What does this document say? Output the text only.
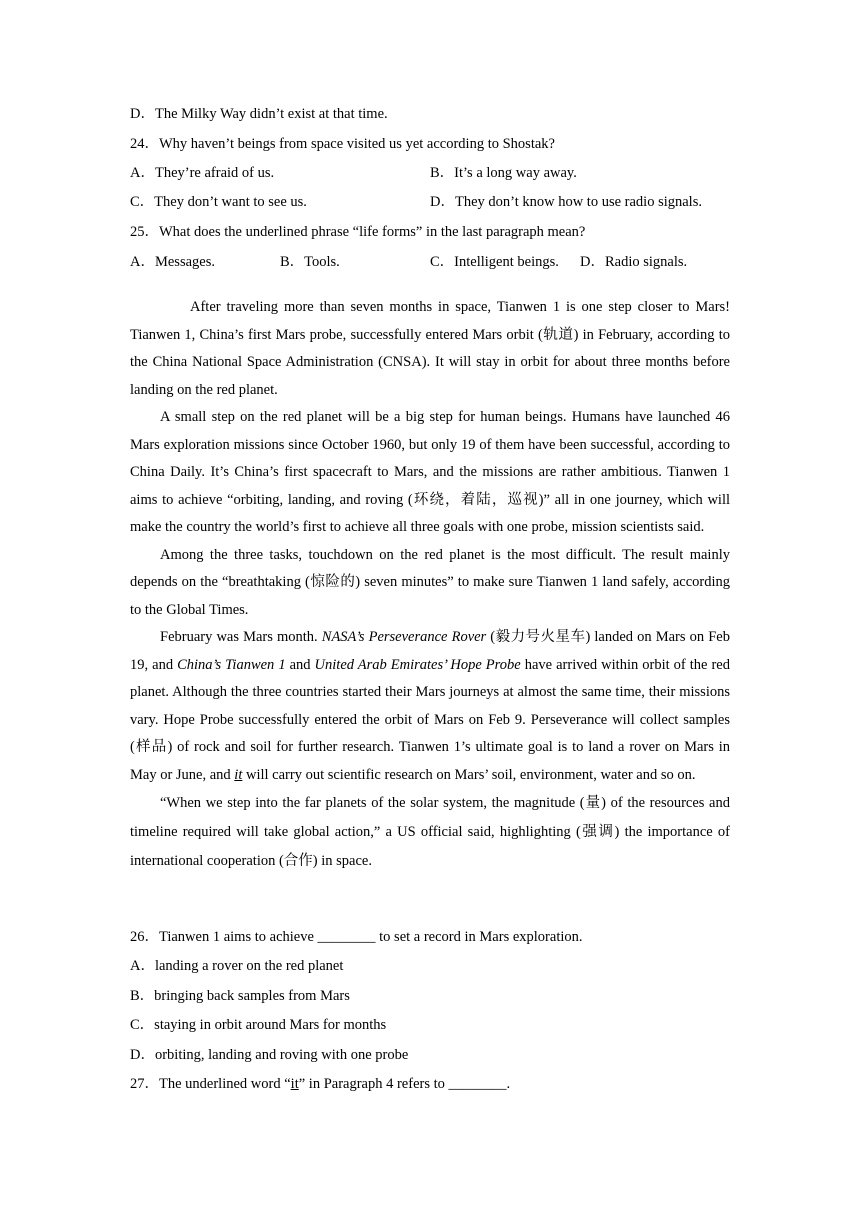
D．The Milky Way didn’t exist at that time.
24．Why haven’t beings from space visited us yet according to Shostak?
A．They’re afraid of us.	B．It’s a long way away.
C．They don’t want to see us.	D．They don’t know how to use radio signals.
25．What does the underlined phrase “life forms” in the last paragraph mean?
A．Messages.	B．Tools.	C．Intelligent beings. D．Radio signals.

After traveling more than seven months in space, Tianwen 1 is one step closer to Mars! Tianwen 1, China’s first Mars probe, successfully entered Mars orbit (轨道) in February, according to the China National Space Administration (CNSA). It will stay in orbit for about three months before landing on the red planet.

A small step on the red planet will be a big step for human beings. Humans have launched 46 Mars exploration missions since October 1960, but only 19 of them have been successful, according to China Daily. It’s China’s first spacecraft to Mars, and the missions are rather ambitious. Tianwen 1 aims to achieve “orbiting, landing, and roving (环绕，着陆，巡视)” all in one journey, which will make the country the world’s first to achieve all three goals with one probe, mission scientists said.

Among the three tasks, touchdown on the red planet is the most difficult. The result mainly depends on the “breathtaking (惊险的) seven minutes” to make sure Tianwen 1 land safely, according to the Global Times.

February was Mars month. NASA’s Perseverance Rover (毅力号火星车) landed on Mars on Feb 19, and China’s Tianwen 1 and United Arab Emirates’ Hope Probe have arrived within orbit of the red planet. Although the three countries started their Mars journeys at almost the same time, their missions vary. Hope Probe successfully entered the orbit of Mars on Feb 9. Perseverance will collect samples (样品) of rock and soil for further research. Tianwen 1’s ultimate goal is to land a rover on Mars in May or June, and it will carry out scientific research on Mars’ soil, environment, water and so on.

“When we step into the far planets of the solar system, the magnitude (量) of the resources and timeline required will take global action,” a US official said, highlighting (强调) the importance of international cooperation (合作) in space.

26．Tianwen 1 aims to achieve ________ to set a record in Mars exploration.
A．landing a rover on the red planet
B．bringing back samples from Mars
C．staying in orbit around Mars for months
D．orbiting, landing and roving with one probe
27．The underlined word “it” in Paragraph 4 refers to ________.
